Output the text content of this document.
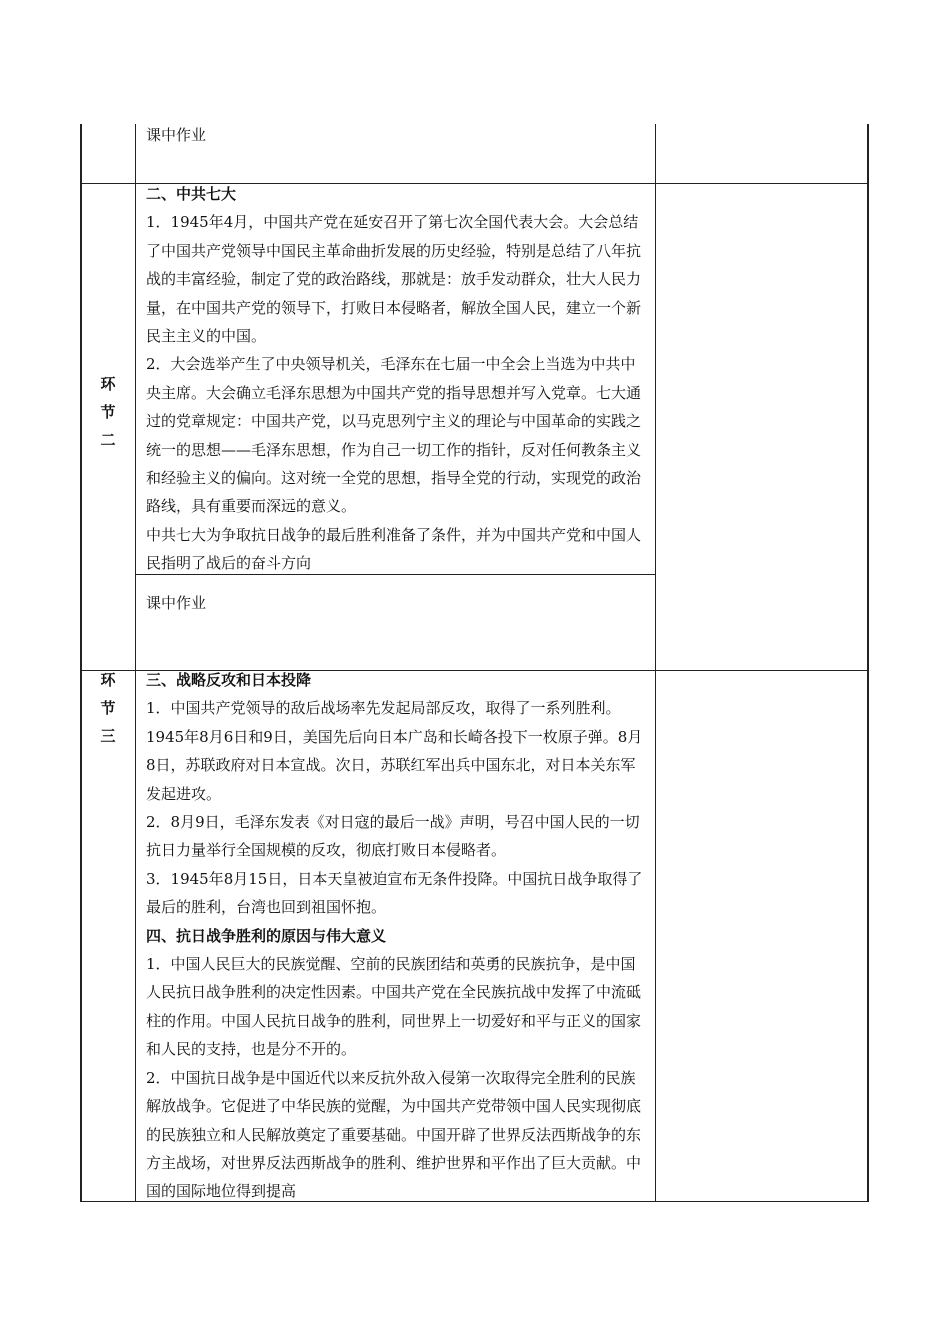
课中作业

环
节
二

二、中共七大

1．1945年4月，中国共产党在延安召开了第七次全国代表大会。大会总结了中国共产党领导中国民主革命曲折发展的历史经验，特别是总结了八年抗战的丰富经验，制定了党的政治路线，那就是：放手发动群众，壮大人民力量，在中国共产党的领导下，打败日本侵略者，解放全国人民，建立一个新民主主义的中国。

2．大会选举产生了中央领导机关，毛泽东在七届一中全会上当选为中共中央主席。大会确立毛泽东思想为中国共产党的指导思想并写入党章。七大通过的党章规定：中国共产党，以马克思列宁主义的理论与中国革命的实践之统一的思想——毛泽东思想，作为自己一切工作的指针，反对任何教条主义和经验主义的偏向。这对统一全党的思想，指导全党的行动，实现党的政治路线，具有重要而深远的意义。

中共七大为争取抗日战争的最后胜利准备了条件，并为中国共产党和中国人民指明了战后的奋斗方向

课中作业

环
节
三

三、战略反攻和日本投降

1．中国共产党领导的敌后战场率先发起局部反攻，取得了一系列胜利。1945年8月6日和9日，美国先后向日本广岛和长崎各投下一枚原子弹。8月8日，苏联政府对日本宣战。次日，苏联红军出兵中国东北，对日本关东军发起进攻。

2．8月9日，毛泽东发表《对日寇的最后一战》声明，号召中国人民的一切抗日力量举行全国规模的反攻，彻底打败日本侵略者。

3．1945年8月15日，日本天皇被迫宣布无条件投降。中国抗日战争取得了最后的胜利，台湾也回到祖国怀抱。

四、抗日战争胜利的原因与伟大意义

1．中国人民巨大的民族觉醒、空前的民族团结和英勇的民族抗争，是中国人民抗日战争胜利的决定性因素。中国共产党在全民族抗战中发挥了中流砥柱的作用。中国人民抗日战争的胜利，同世界上一切爱好和平与正义的国家和人民的支持，也是分不开的。

2．中国抗日战争是中国近代以来反抗外敌入侵第一次取得完全胜利的民族解放战争。它促进了中华民族的觉醒，为中国共产党带领中国人民实现彻底的民族独立和人民解放奠定了重要基础。中国开辟了世界反法西斯战争的东方主战场，对世界反法西斯战争的胜利、维护世界和平作出了巨大贡献。中国的国际地位得到提高
